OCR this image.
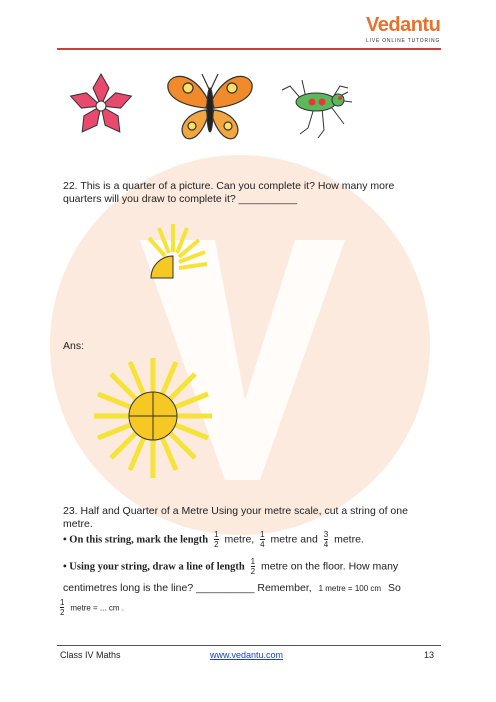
Vedantu
LIVE ONLINE TUTORING
22. This is a quarter of a picture. Can you complete it? How many more
quarters will you draw to complete it? __________
Ans:
23. Half and Quarter of a Metre Using your metre scale, cut a string of one
metre.
• On this string, mark the length $\frac{1}{2}$ metre, $\frac{1}{4}$ metre and $\frac{3}{4}$ metre.
• Using your string, draw a line of length $\frac{1}{2}$ metre on the floor. How many
centimetres long is the line? __________ Remember, 1 metre = 100 cm So
$\frac{1}{2}$ metre = ... cm .
Class IV Maths	www.vedantu.com	13
